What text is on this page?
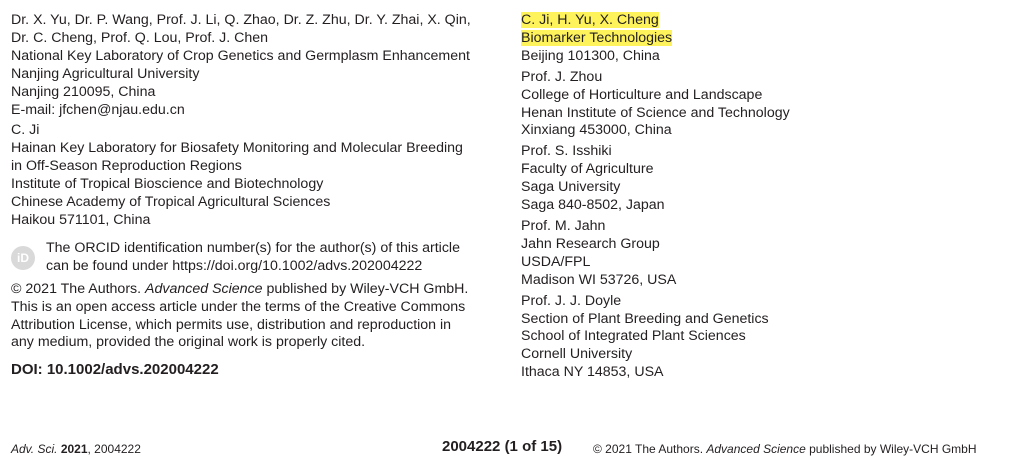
Dr. X. Yu, Dr. P. Wang, Prof. J. Li, Q. Zhao, Dr. Z. Zhu, Dr. Y. Zhai, X. Qin,
Dr. C. Cheng, Prof. Q. Lou, Prof. J. Chen
National Key Laboratory of Crop Genetics and Germplasm Enhancement
Nanjing Agricultural University
Nanjing 210095, China
E-mail: jfchen@njau.edu.cn
C. Ji
Hainan Key Laboratory for Biosafety Monitoring and Molecular Breeding
in Off-Season Reproduction Regions
Institute of Tropical Bioscience and Biotechnology
Chinese Academy of Tropical Agricultural Sciences
Haikou 571101, China
iD
The ORCID identification number(s) for the author(s) of this article
can be found under https://doi.org/10.1002/advs.202004222
© 2021 The Authors. Advanced Science published by Wiley-VCH GmbH.
This is an open access article under the terms of the Creative Commons
Attribution License, which permits use, distribution and reproduction in
any medium, provided the original work is properly cited.
DOI: 10.1002/advs.202004222
C. Ji, H. Yu, X. Cheng
Biomarker Technologies
Beijing 101300, China
Prof. J. Zhou
College of Horticulture and Landscape
Henan Institute of Science and Technology
Xinxiang 453000, China
Prof. S. Isshiki
Faculty of Agriculture
Saga University
Saga 840-8502, Japan
Prof. M. Jahn
Jahn Research Group
USDA/FPL
Madison WI 53726, USA
Prof. J. J. Doyle
Section of Plant Breeding and Genetics
School of Integrated Plant Sciences
Cornell University
Ithaca NY 14853, USA
Adv. Sci. 2021, 2004222	2004222 (1 of 15)	© 2021 The Authors. Advanced Science published by Wiley-VCH GmbH
